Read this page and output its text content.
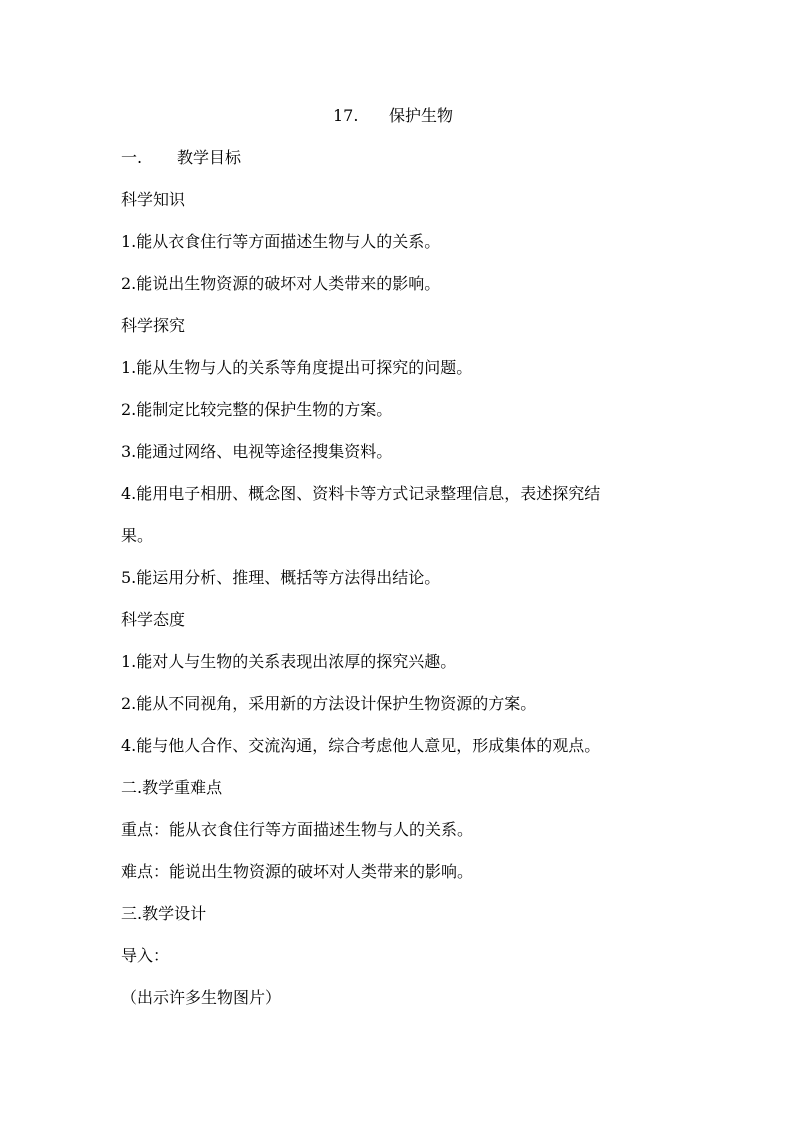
17. 保护生物
一. 教学目标
科学知识
1.能从衣食住行等方面描述生物与人的关系。
2.能说出生物资源的破坏对人类带来的影响。
科学探究
1.能从生物与人的关系等角度提出可探究的问题。
2.能制定比较完整的保护生物的方案。
3.能通过网络、电视等途径搜集资料。
4.能用电子相册、概念图、资料卡等方式记录整理信息，表述探究结
果。
5.能运用分析、推理、概括等方法得出结论。
科学态度
1.能对人与生物的关系表现出浓厚的探究兴趣。
2.能从不同视角，采用新的方法设计保护生物资源的方案。
4.能与他人合作、交流沟通，综合考虑他人意见，形成集体的观点。
二.教学重难点
重点：能从衣食住行等方面描述生物与人的关系。
难点：能说出生物资源的破坏对人类带来的影响。
三.教学设计
导入：
（出示许多生物图片）
